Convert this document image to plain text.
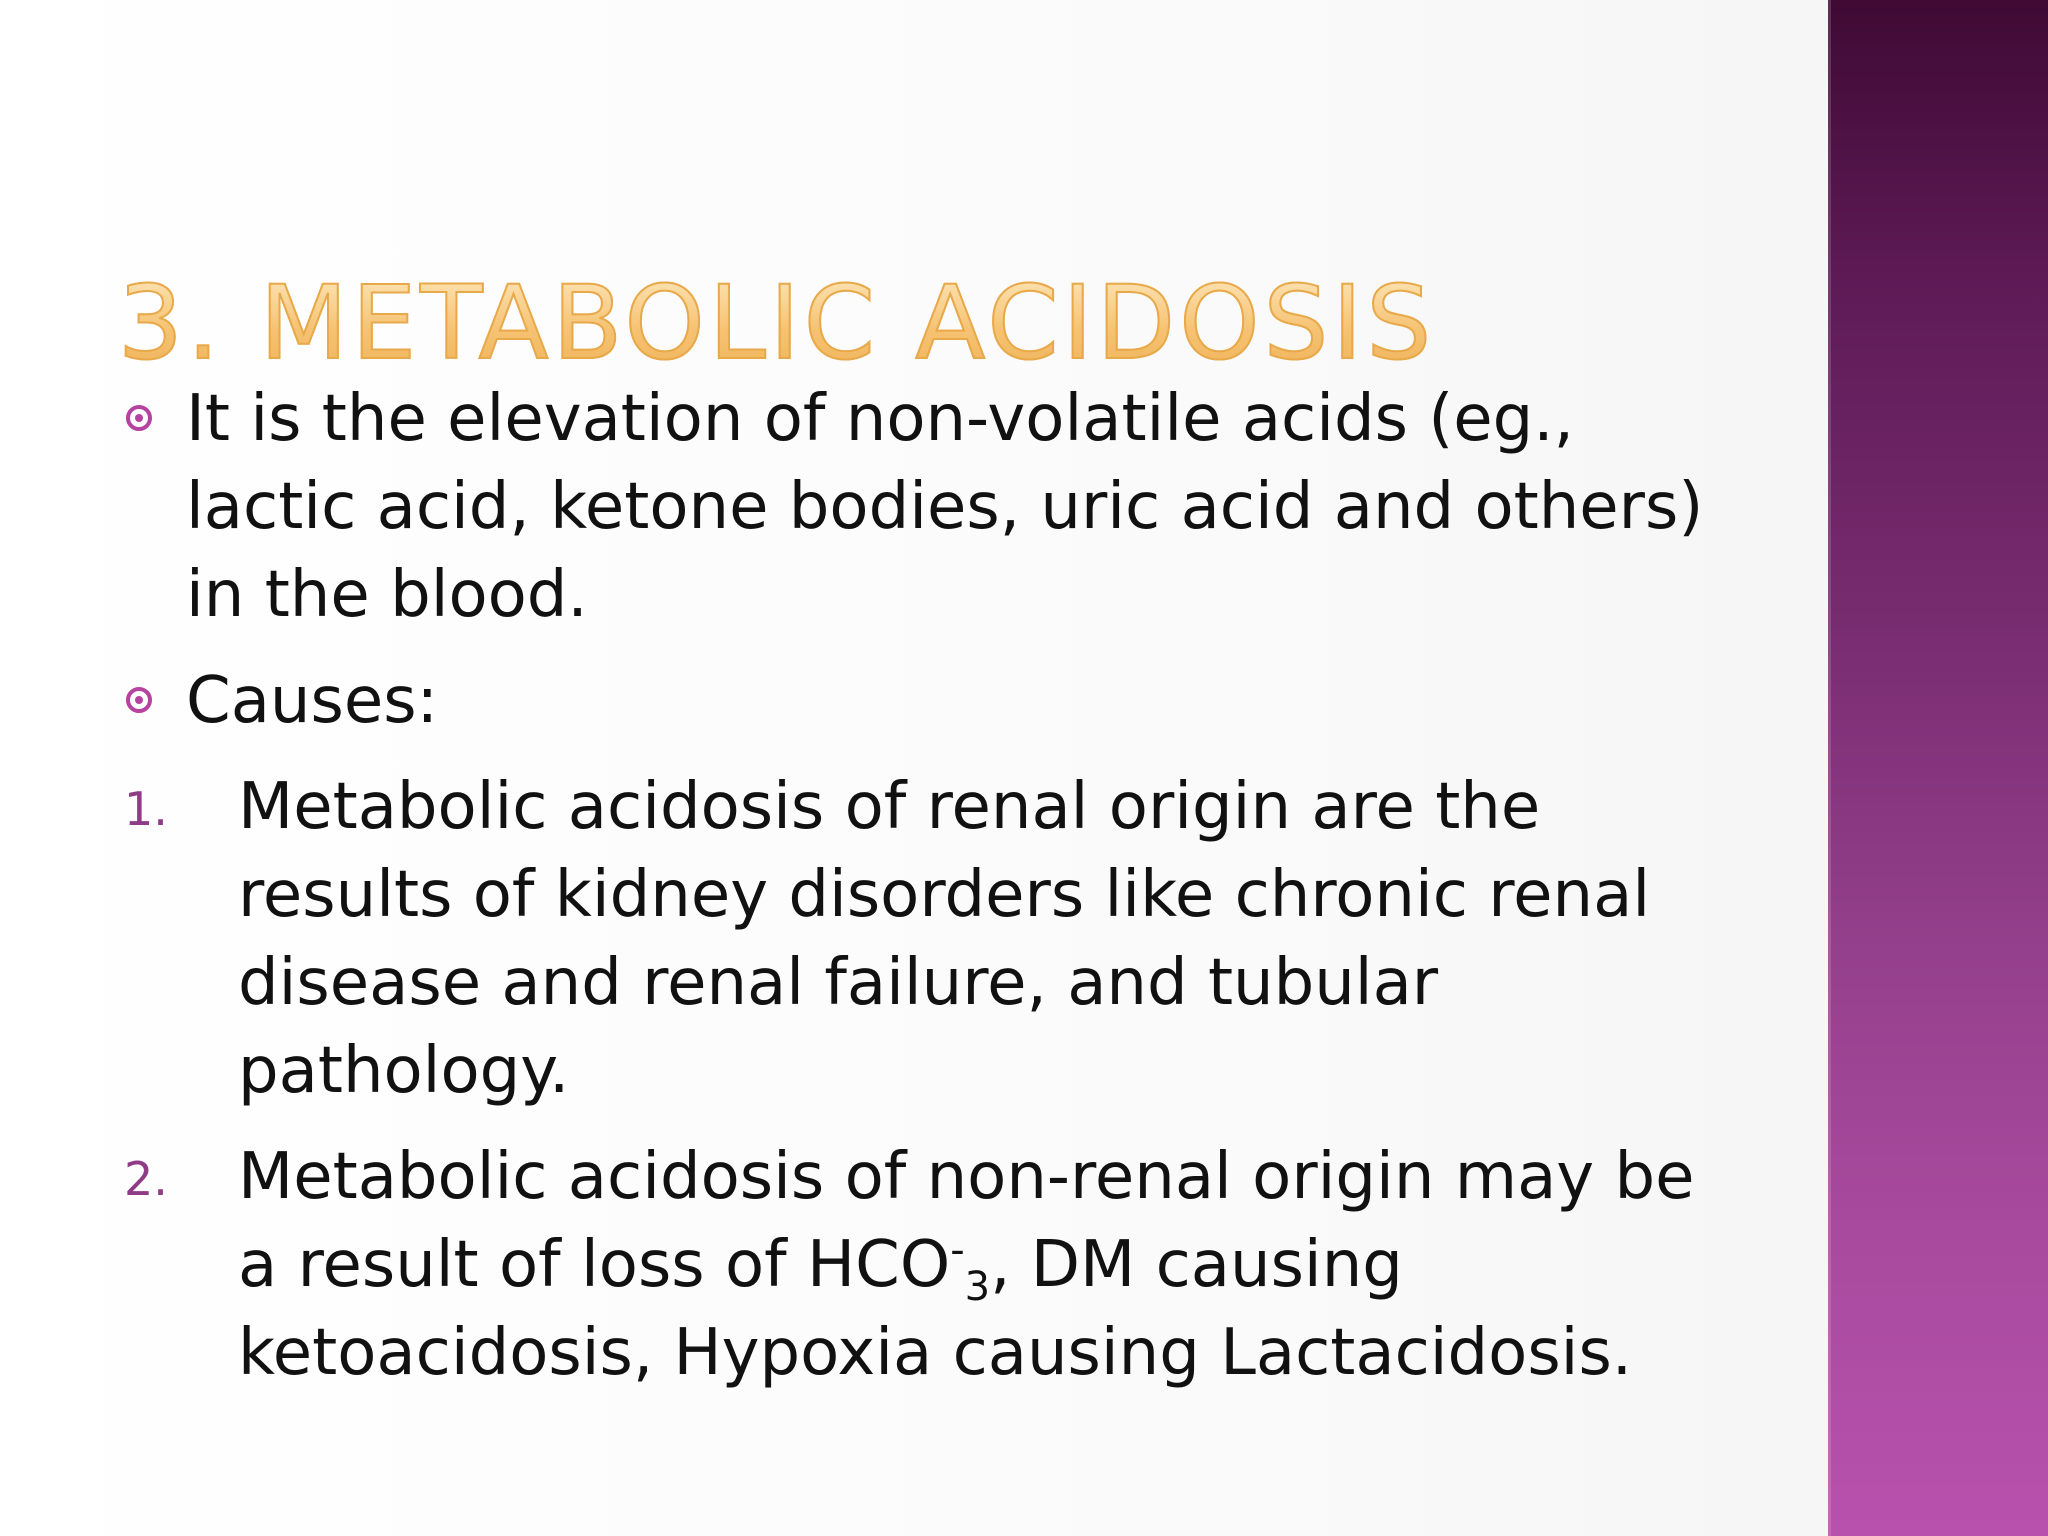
3. METABOLIC ACIDOSIS
It is the elevation of non-volatile acids (eg., lactic acid, ketone bodies, uric acid and others) in the blood.
Causes:
1. Metabolic acidosis of renal origin are the results of kidney disorders like chronic renal disease and renal failure, and tubular pathology.
2. Metabolic acidosis of non-renal origin may be a result of loss of $HCO^-_3$, DM causing ketoacidosis, Hypoxia causing Lactacidosis.
